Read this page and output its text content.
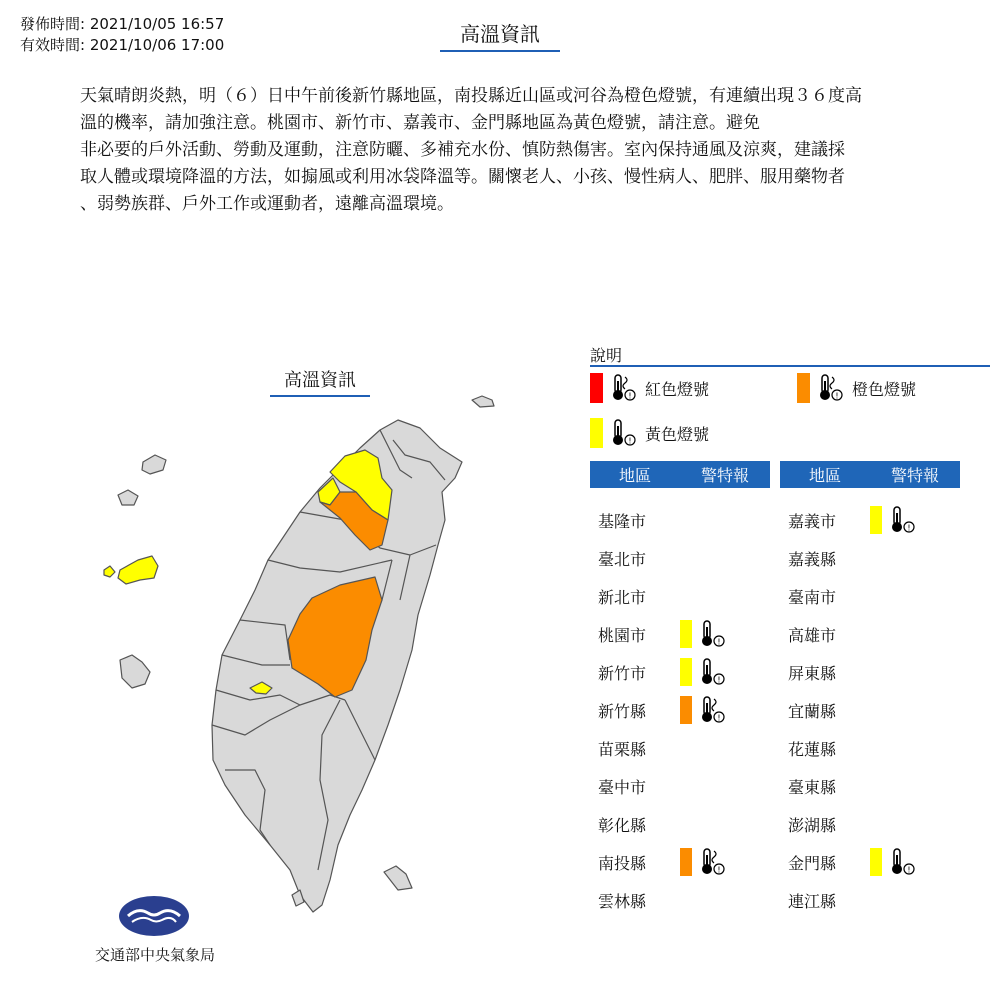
發佈時間: 2021/10/05 16:57
有效時間: 2021/10/06 17:00	高溫資訊
天氣晴朗炎熱，明（６）日中午前後新竹縣地區，南投縣近山區或河谷為橙色燈號，有連續出現３６度高
溫的機率，請加強注意。桃園市、新竹市、嘉義市、金門縣地區為黃色燈號，請注意。避免
非必要的戶外活動、勞動及運動，注意防曬、多補充水份、慎防熱傷害。室內保持通風及涼爽，建議採
取人體或環境降溫的方法，如搧風或利用冰袋降溫等。關懷老人、小孩、慢性病人、肥胖、服用藥物者
、弱勢族群、戶外工作或運動者，遠離高溫環境。
高溫資訊
交通部中央氣象局
說明
! 紅色燈號	! 橙色燈號
! 黃色燈號
地區	警特報	地區	警特報
基隆市
臺北市
新北市
桃園市	!
新竹市	!
新竹縣	!
苗栗縣
臺中市
彰化縣
南投縣	!
雲林縣
嘉義市	!
嘉義縣
臺南市
高雄市
屏東縣
宜蘭縣
花蓮縣
臺東縣
澎湖縣
金門縣	!
連江縣
